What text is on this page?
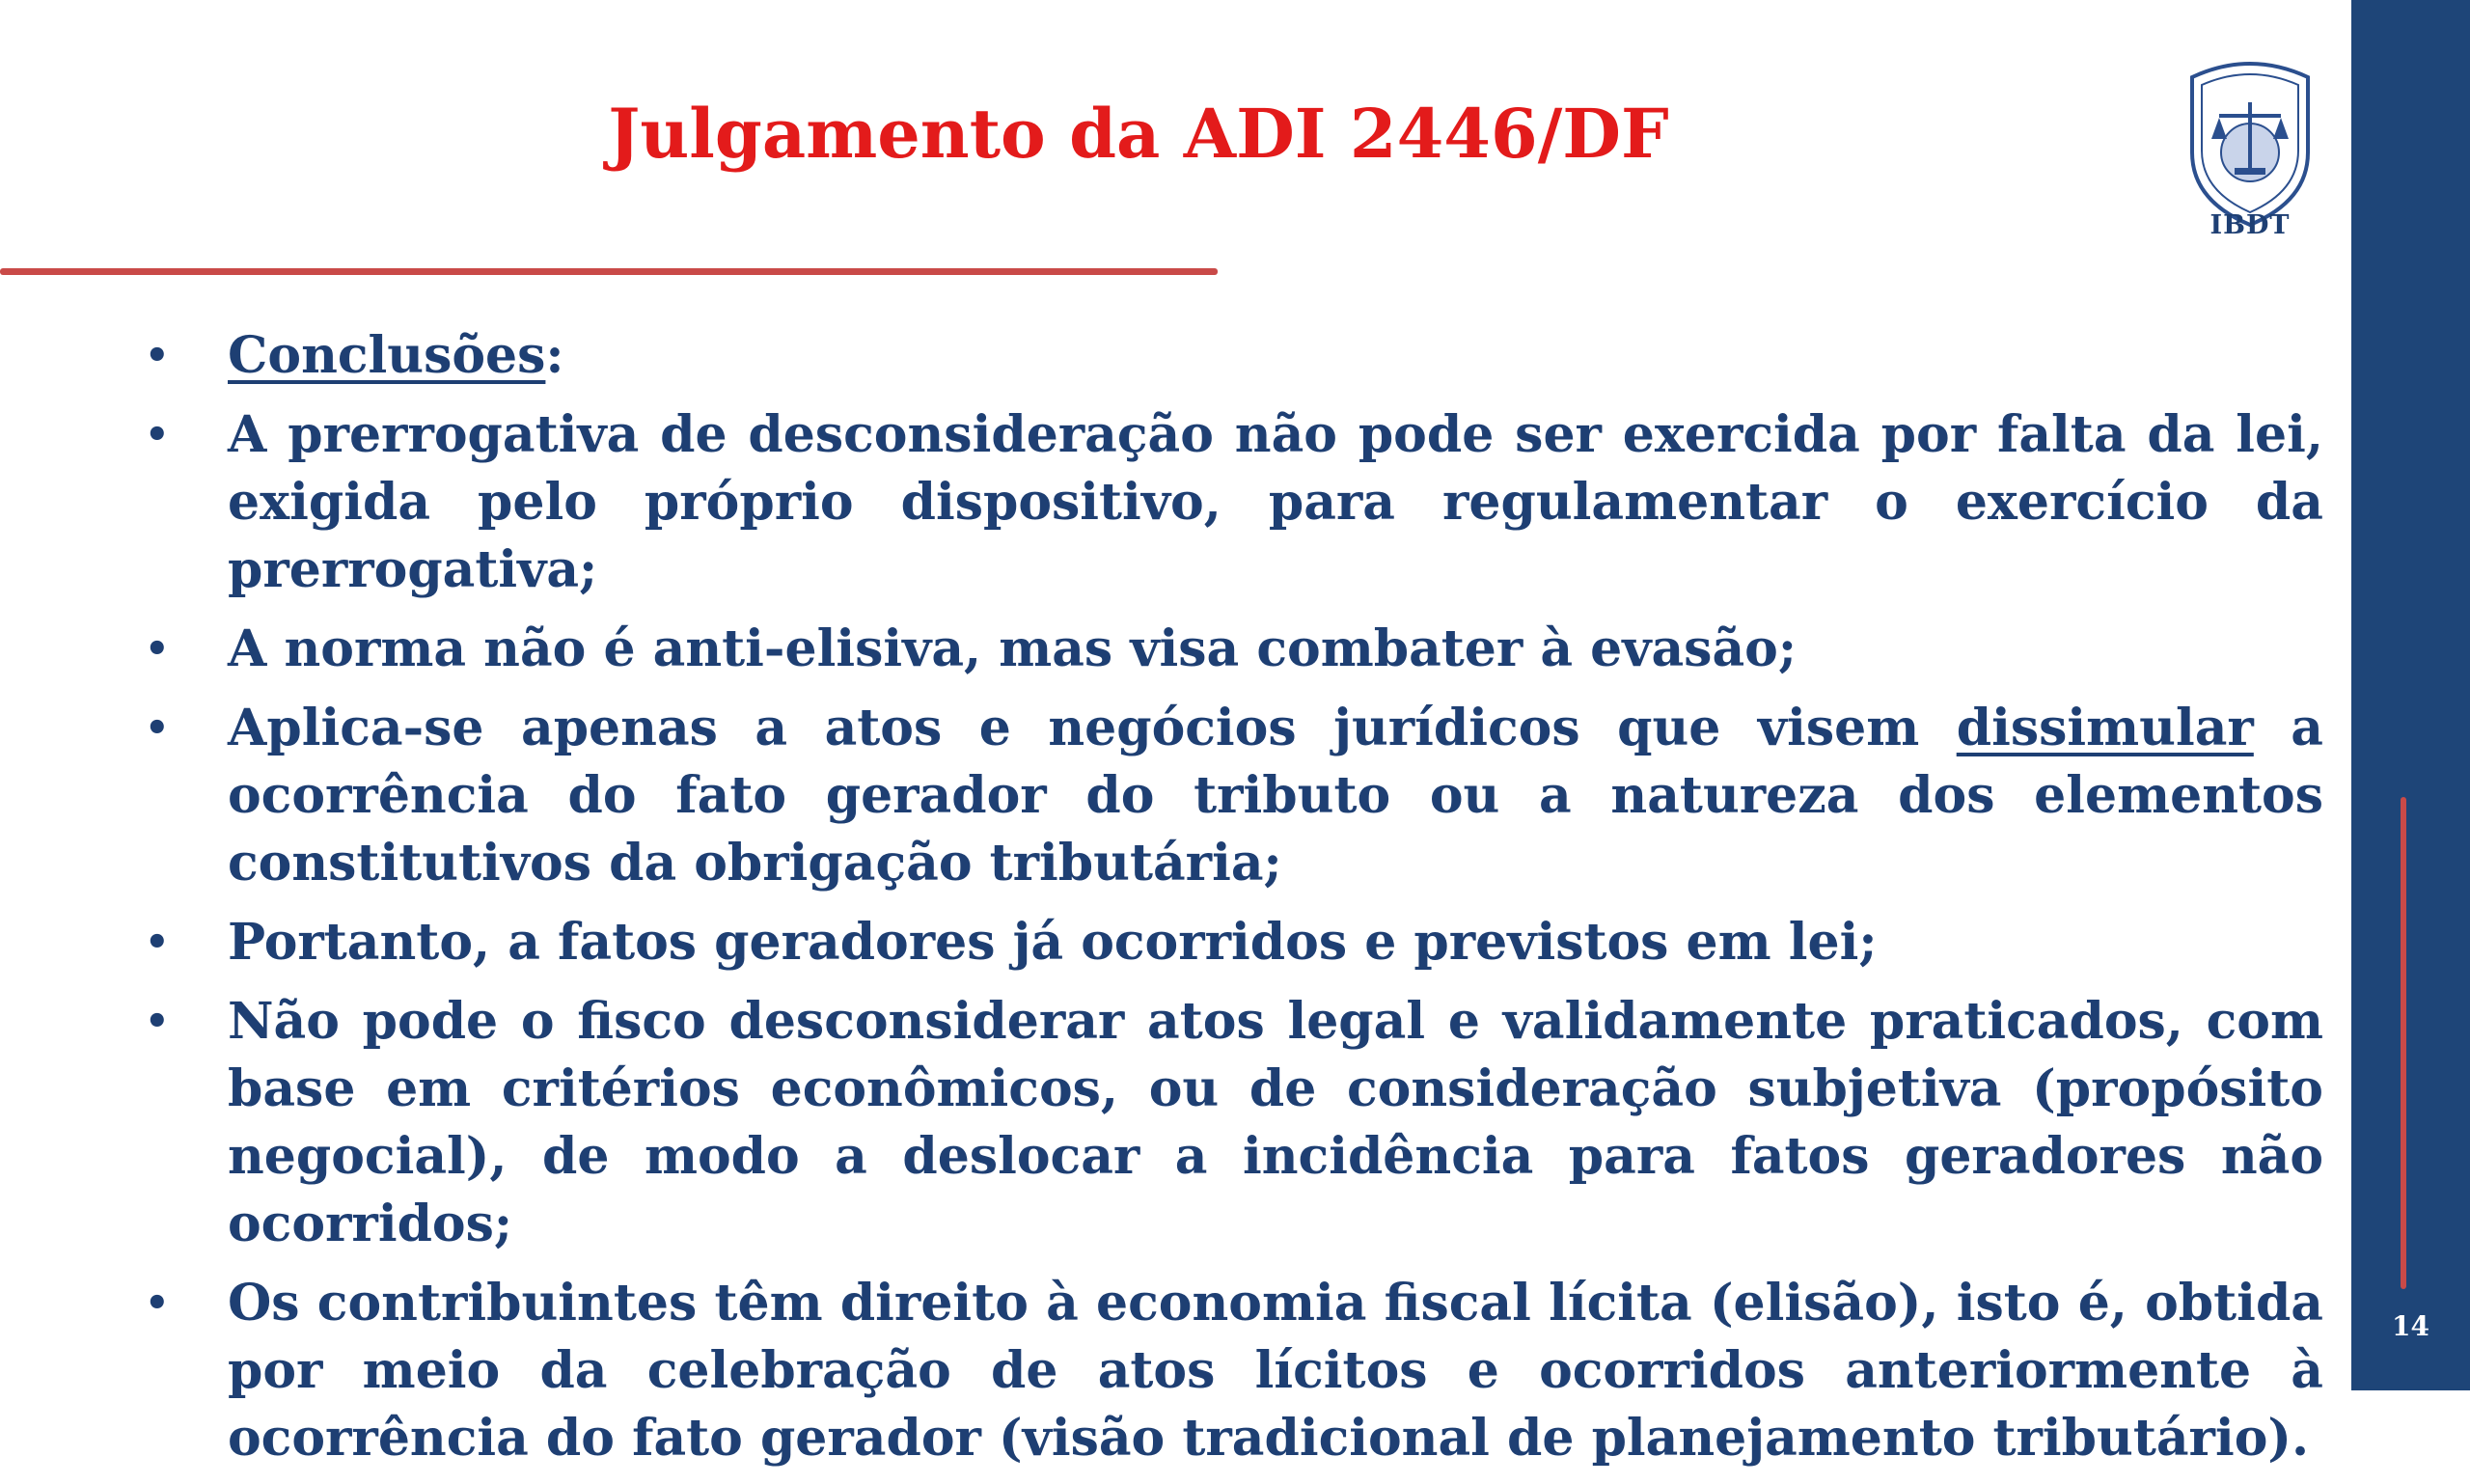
Julgamento da ADI 2446/DF
IBDT
14
• Conclusões:
• A prerrogativa de desconsideração não pode ser exercida por falta da lei, exigida pelo próprio dispositivo, para regulamentar o exercício da prerrogativa;
• A norma não é anti-elisiva, mas visa combater à evasão;
• Aplica-se apenas a atos e negócios jurídicos que visem dissimular a ocorrência do fato gerador do tributo ou a natureza dos elementos constitutivos da obrigação tributária;
• Portanto, a fatos geradores já ocorridos e previstos em lei;
• Não pode o fisco desconsiderar atos legal e validamente praticados, com base em critérios econômicos, ou de consideração subjetiva (propósito negocial), de modo a deslocar a incidência para fatos geradores não ocorridos;
• Os contribuintes têm direito à economia fiscal lícita (elisão), isto é, obtida por meio da celebração de atos lícitos e ocorridos anteriormente à ocorrência do fato gerador (visão tradicional de planejamento tributário).
